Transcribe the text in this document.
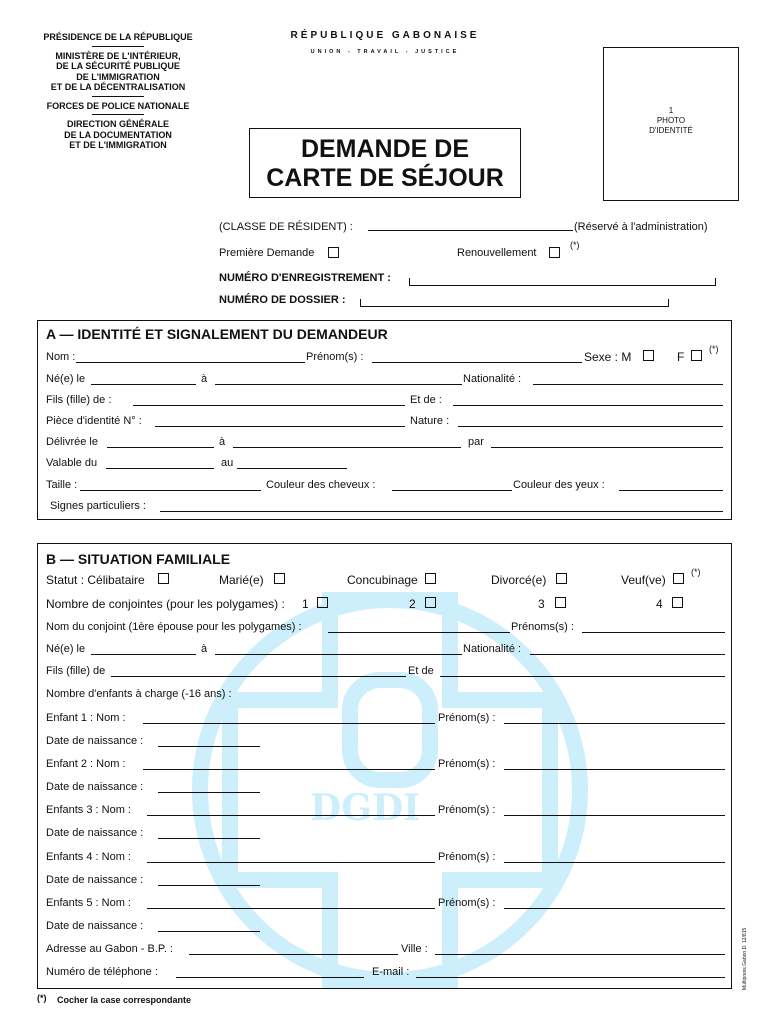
DGDI
PRÉSIDENCE DE LA RÉPUBLIQUE
MINISTÈRE DE L'INTÉRIEUR,
DE LA SÉCURITÉ PUBLIQUE
DE L'IMMIGRATION
ET DE LA DÉCENTRALISATION
FORCES DE POLICE NATIONALE
DIRECTION GÉNÉRALE
DE LA DOCUMENTATION
ET DE L'IMMIGRATION
RÉPUBLIQUE GABONAISE
UNION - TRAVAIL - JUSTICE
1
PHOTO
D'IDENTITÉ
DEMANDE DE
CARTE DE SÉJOUR
(CLASSE DE RÉSIDENT) :	(Réservé à l'administration)
Première Demande	Renouvellement
(*)
NUMÉRO D'ENREGISTREMENT :
NUMÉRO DE DOSSIER :
A — IDENTITÉ ET SIGNALEMENT DU DEMANDEUR
Nom :	Prénom(s) :	Sexe : M	F
(*)
Né(e) le	à	Nationalité :
Fils (fille) de :	Et de :
Pièce d'identité N° :	Nature :
Délivrée le	à	par
Valable du	au
Taille :	Couleur des cheveux :	Couleur des yeux :
Signes particuliers :
B — SITUATION FAMILIALE
Statut : Célibataire	Marié(e)	Concubinage	Divorcé(e)	Veuf(ve)
(*)
Nombre de conjointes (pour les polygames) : 1	2	3	4
Nom du conjoint (1ère épouse pour les polygames) :	Prénoms(s) :
Né(e) le	à	Nationalité :
Fils (fille) de	Et de
Nombre d'enfants à charge (-16 ans) :
Enfant 1 : Nom :	Prénom(s) :
Date de naissance :
Enfant 2 : Nom :	Prénom(s) :
Date de naissance :
Enfants 3 : Nom :	Prénom(s) :
Date de naissance :
Enfants 4 : Nom :	Prénom(s) :
Date de naissance :
Enfants 5 : Nom :	Prénom(s) :
Date de naissance :
Adresse au Gabon - B.P. :	Ville :
Numéro de téléphone :	E-mail :
(*) Cocher la case correspondante
Multipress Gabon D. 12/815
